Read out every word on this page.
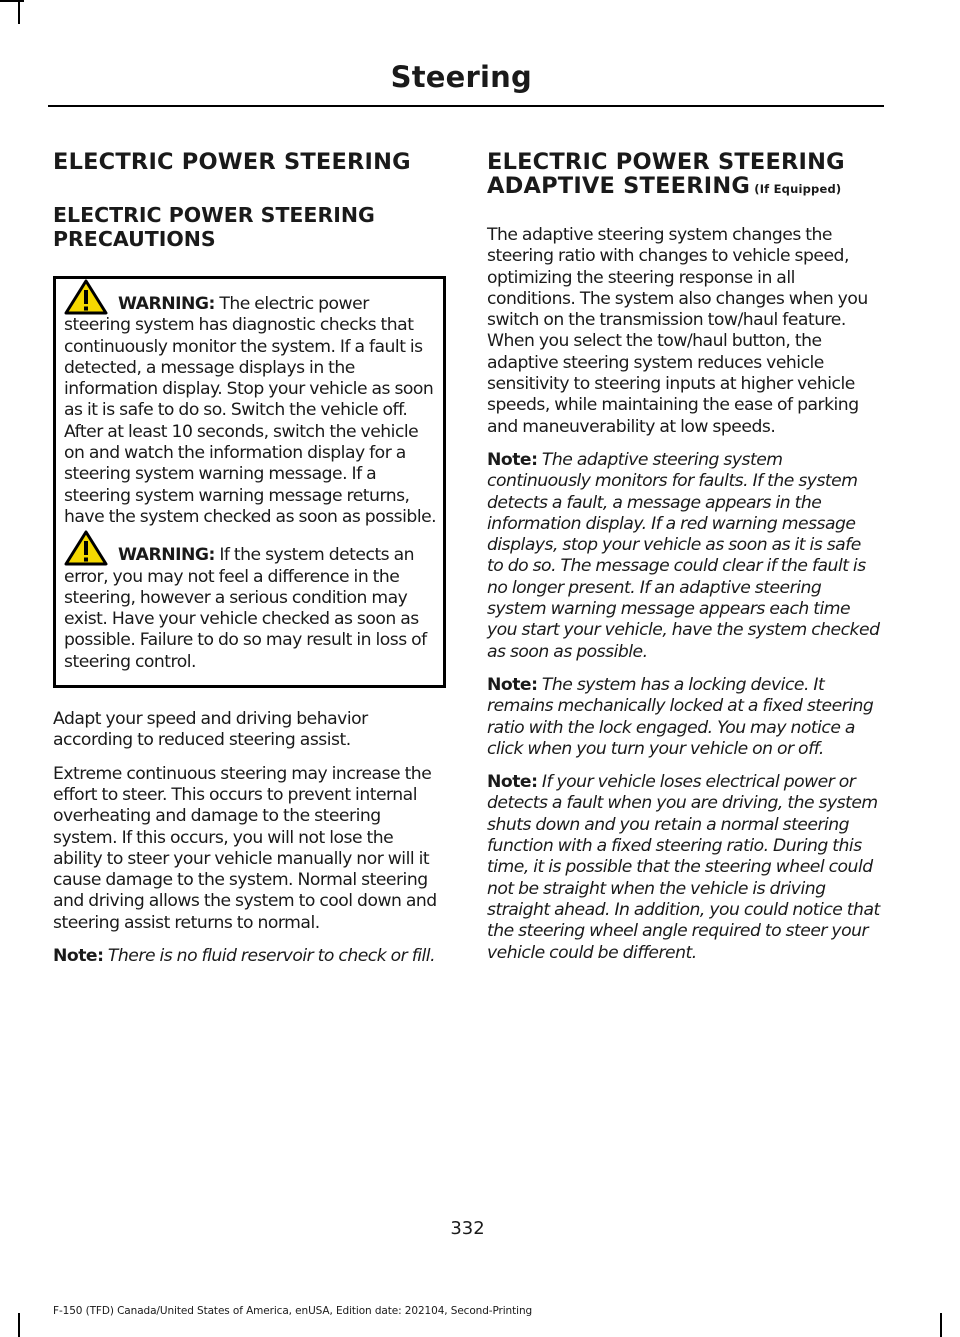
Steering
ELECTRIC POWER STEERING
ELECTRIC POWER STEERING PRECAUTIONS

WARNING: The electric power steering system has diagnostic checks that continuously monitor the system. If a fault is detected, a message displays in the information display. Stop your vehicle as soon as it is safe to do so. Switch the vehicle off. After at least 10 seconds, switch the vehicle on and watch the information display for a steering system warning message. If a steering system warning message returns, have the system checked as soon as possible.

WARNING: If the system detects an error, you may not feel a difference in the steering, however a serious condition may exist. Have your vehicle checked as soon as possible. Failure to do so may result in loss of steering control.

Adapt your speed and driving behavior according to reduced steering assist.

Extreme continuous steering may increase the effort to steer. This occurs to prevent internal overheating and damage to the steering system. If this occurs, you will not lose the ability to steer your vehicle manually nor will it cause damage to the system. Normal steering and driving allows the system to cool down and steering assist returns to normal.

Note: There is no fluid reservoir to check or fill.

ELECTRIC POWER STEERING
ADAPTIVE STEERING (If Equipped)

The adaptive steering system changes the steering ratio with changes to vehicle speed, optimizing the steering response in all conditions. The system also changes when you switch on the transmission tow/haul feature. When you select the tow/haul button, the adaptive steering system reduces vehicle sensitivity to steering inputs at higher vehicle speeds, while maintaining the ease of parking and maneuverability at low speeds.

Note: The adaptive steering system continuously monitors for faults. If the system detects a fault, a message appears in the information display. If a red warning message displays, stop your vehicle as soon as it is safe to do so. The message could clear if the fault is no longer present. If an adaptive steering system warning message appears each time you start your vehicle, have the system checked as soon as possible.

Note: The system has a locking device. It remains mechanically locked at a fixed steering ratio with the lock engaged. You may notice a click when you turn your vehicle on or off.

Note: If your vehicle loses electrical power or detects a fault when you are driving, the system shuts down and you retain a normal steering function with a fixed steering ratio. During this time, it is possible that the steering wheel could not be straight when the vehicle is driving straight ahead. In addition, you could notice that the steering wheel angle required to steer your vehicle could be different.

332
F-150 (TFD) Canada/United States of America, enUSA, Edition date: 202104, Second-Printing
